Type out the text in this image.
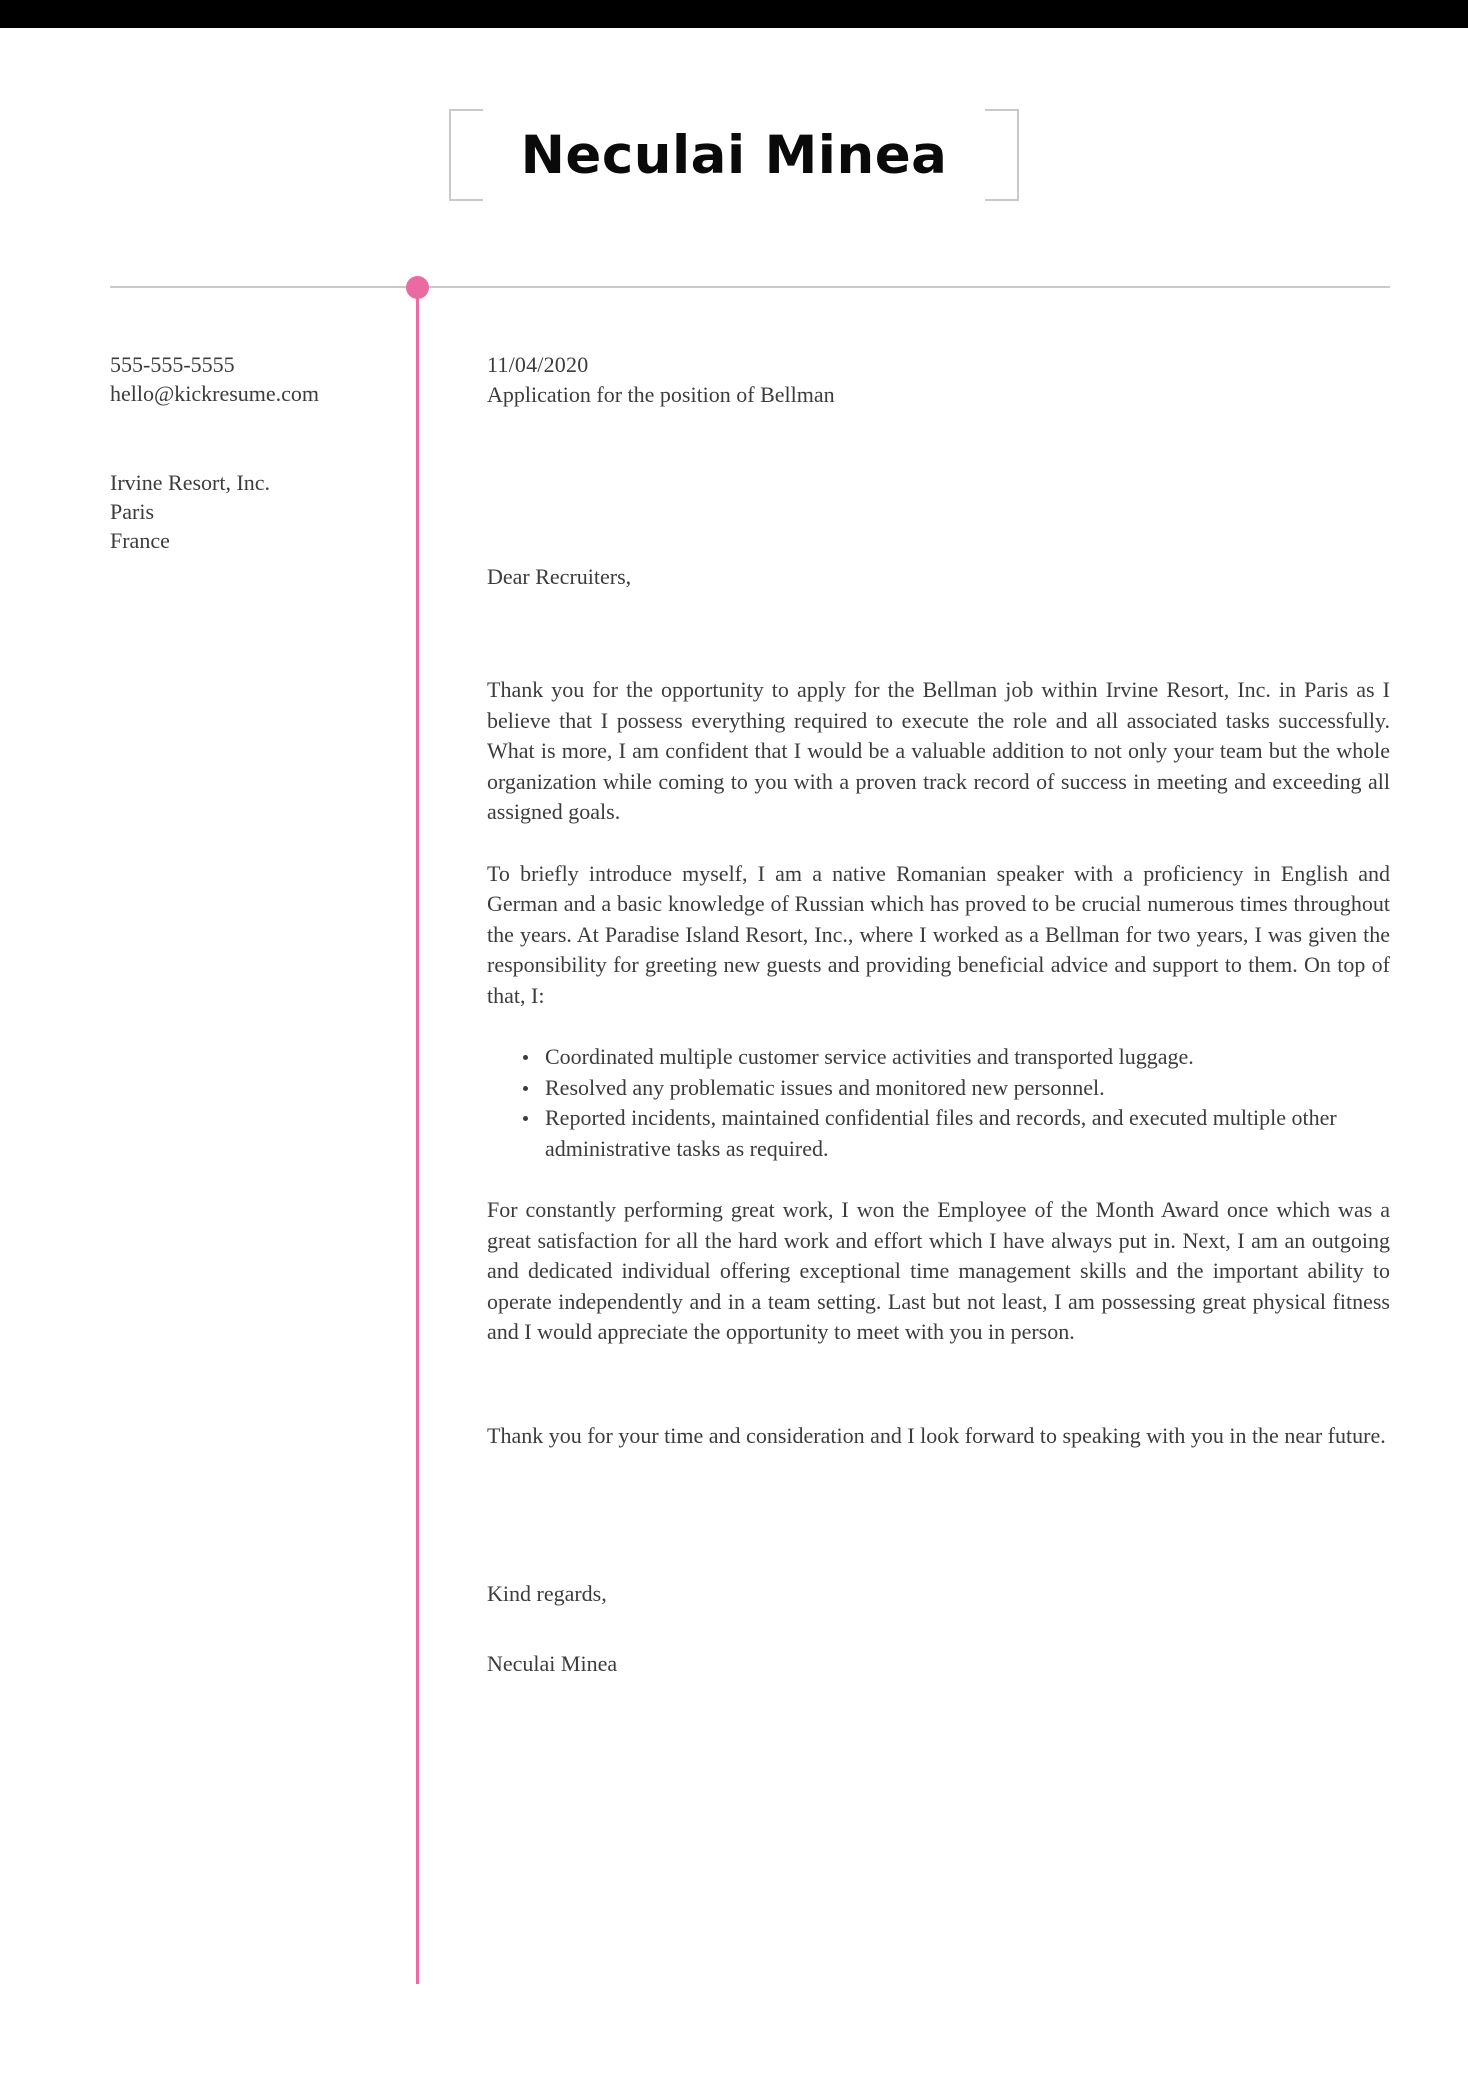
Neculai Minea
555-555-5555
hello@kickresume.com
Irvine Resort, Inc.
Paris
France
11/04/2020
Application for the position of Bellman
Dear Recruiters,

Thank you for the opportunity to apply for the Bellman job within Irvine Resort, Inc. in Paris as I believe that I possess everything required to execute the role and all associated tasks successfully. What is more, I am confident that I would be a valuable addition to not only your team but the whole organization while coming to you with a proven track record of success in meeting and exceeding all assigned goals.

To briefly introduce myself, I am a native Romanian speaker with a proficiency in English and German and a basic knowledge of Russian which has proved to be crucial numerous times throughout the years. At Paradise Island Resort, Inc., where I worked as a Bellman for two years, I was given the responsibility for greeting new guests and providing beneficial advice and support to them. On top of that, I:

Coordinated multiple customer service activities and transported luggage.
Resolved any problematic issues and monitored new personnel.
Reported incidents, maintained confidential files and records, and executed multiple other administrative tasks as required.

For constantly performing great work, I won the Employee of the Month Award once which was a great satisfaction for all the hard work and effort which I have always put in. Next, I am an outgoing and dedicated individual offering exceptional time management skills and the important ability to operate independently and in a team setting. Last but not least, I am possessing great physical fitness and I would appreciate the opportunity to meet with you in person.

Thank you for your time and consideration and I look forward to speaking with you in the near future.

Kind regards,
Neculai Minea
